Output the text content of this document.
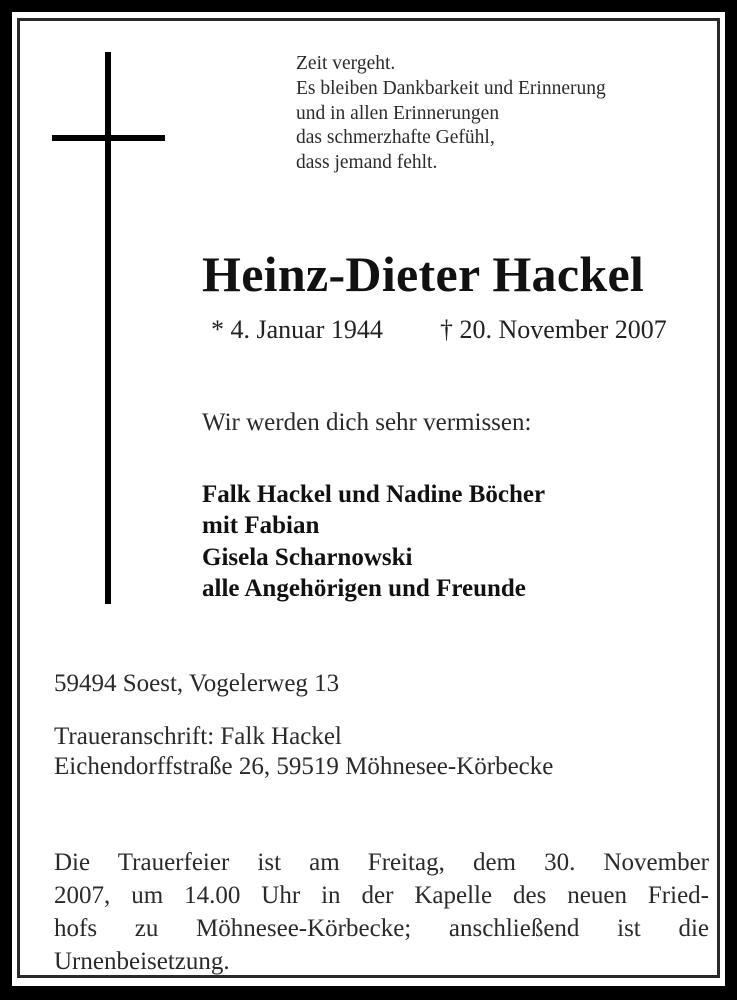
Zeit vergeht.
Es bleiben Dankbarkeit und Erinnerung
und in allen Erinnerungen
das schmerzhafte Gefühl,
dass jemand fehlt.
Heinz-Dieter Hackel
* 4. Januar 1944 † 20. November 2007
Wir werden dich sehr vermissen:
Falk Hackel und Nadine Böcher
mit Fabian
Gisela Scharnowski
alle Angehörigen und Freunde
59494 Soest, Vogelerweg 13
Traueranschrift: Falk Hackel
Eichendorffstraße 26, 59519 Möhnesee-Körbecke
Die Trauerfeier ist am Freitag, dem 30. November
2007, um 14.00 Uhr in der Kapelle des neuen Fried-
hofs zu Möhnesee-Körbecke; anschließend ist die
Urnenbeisetzung.
